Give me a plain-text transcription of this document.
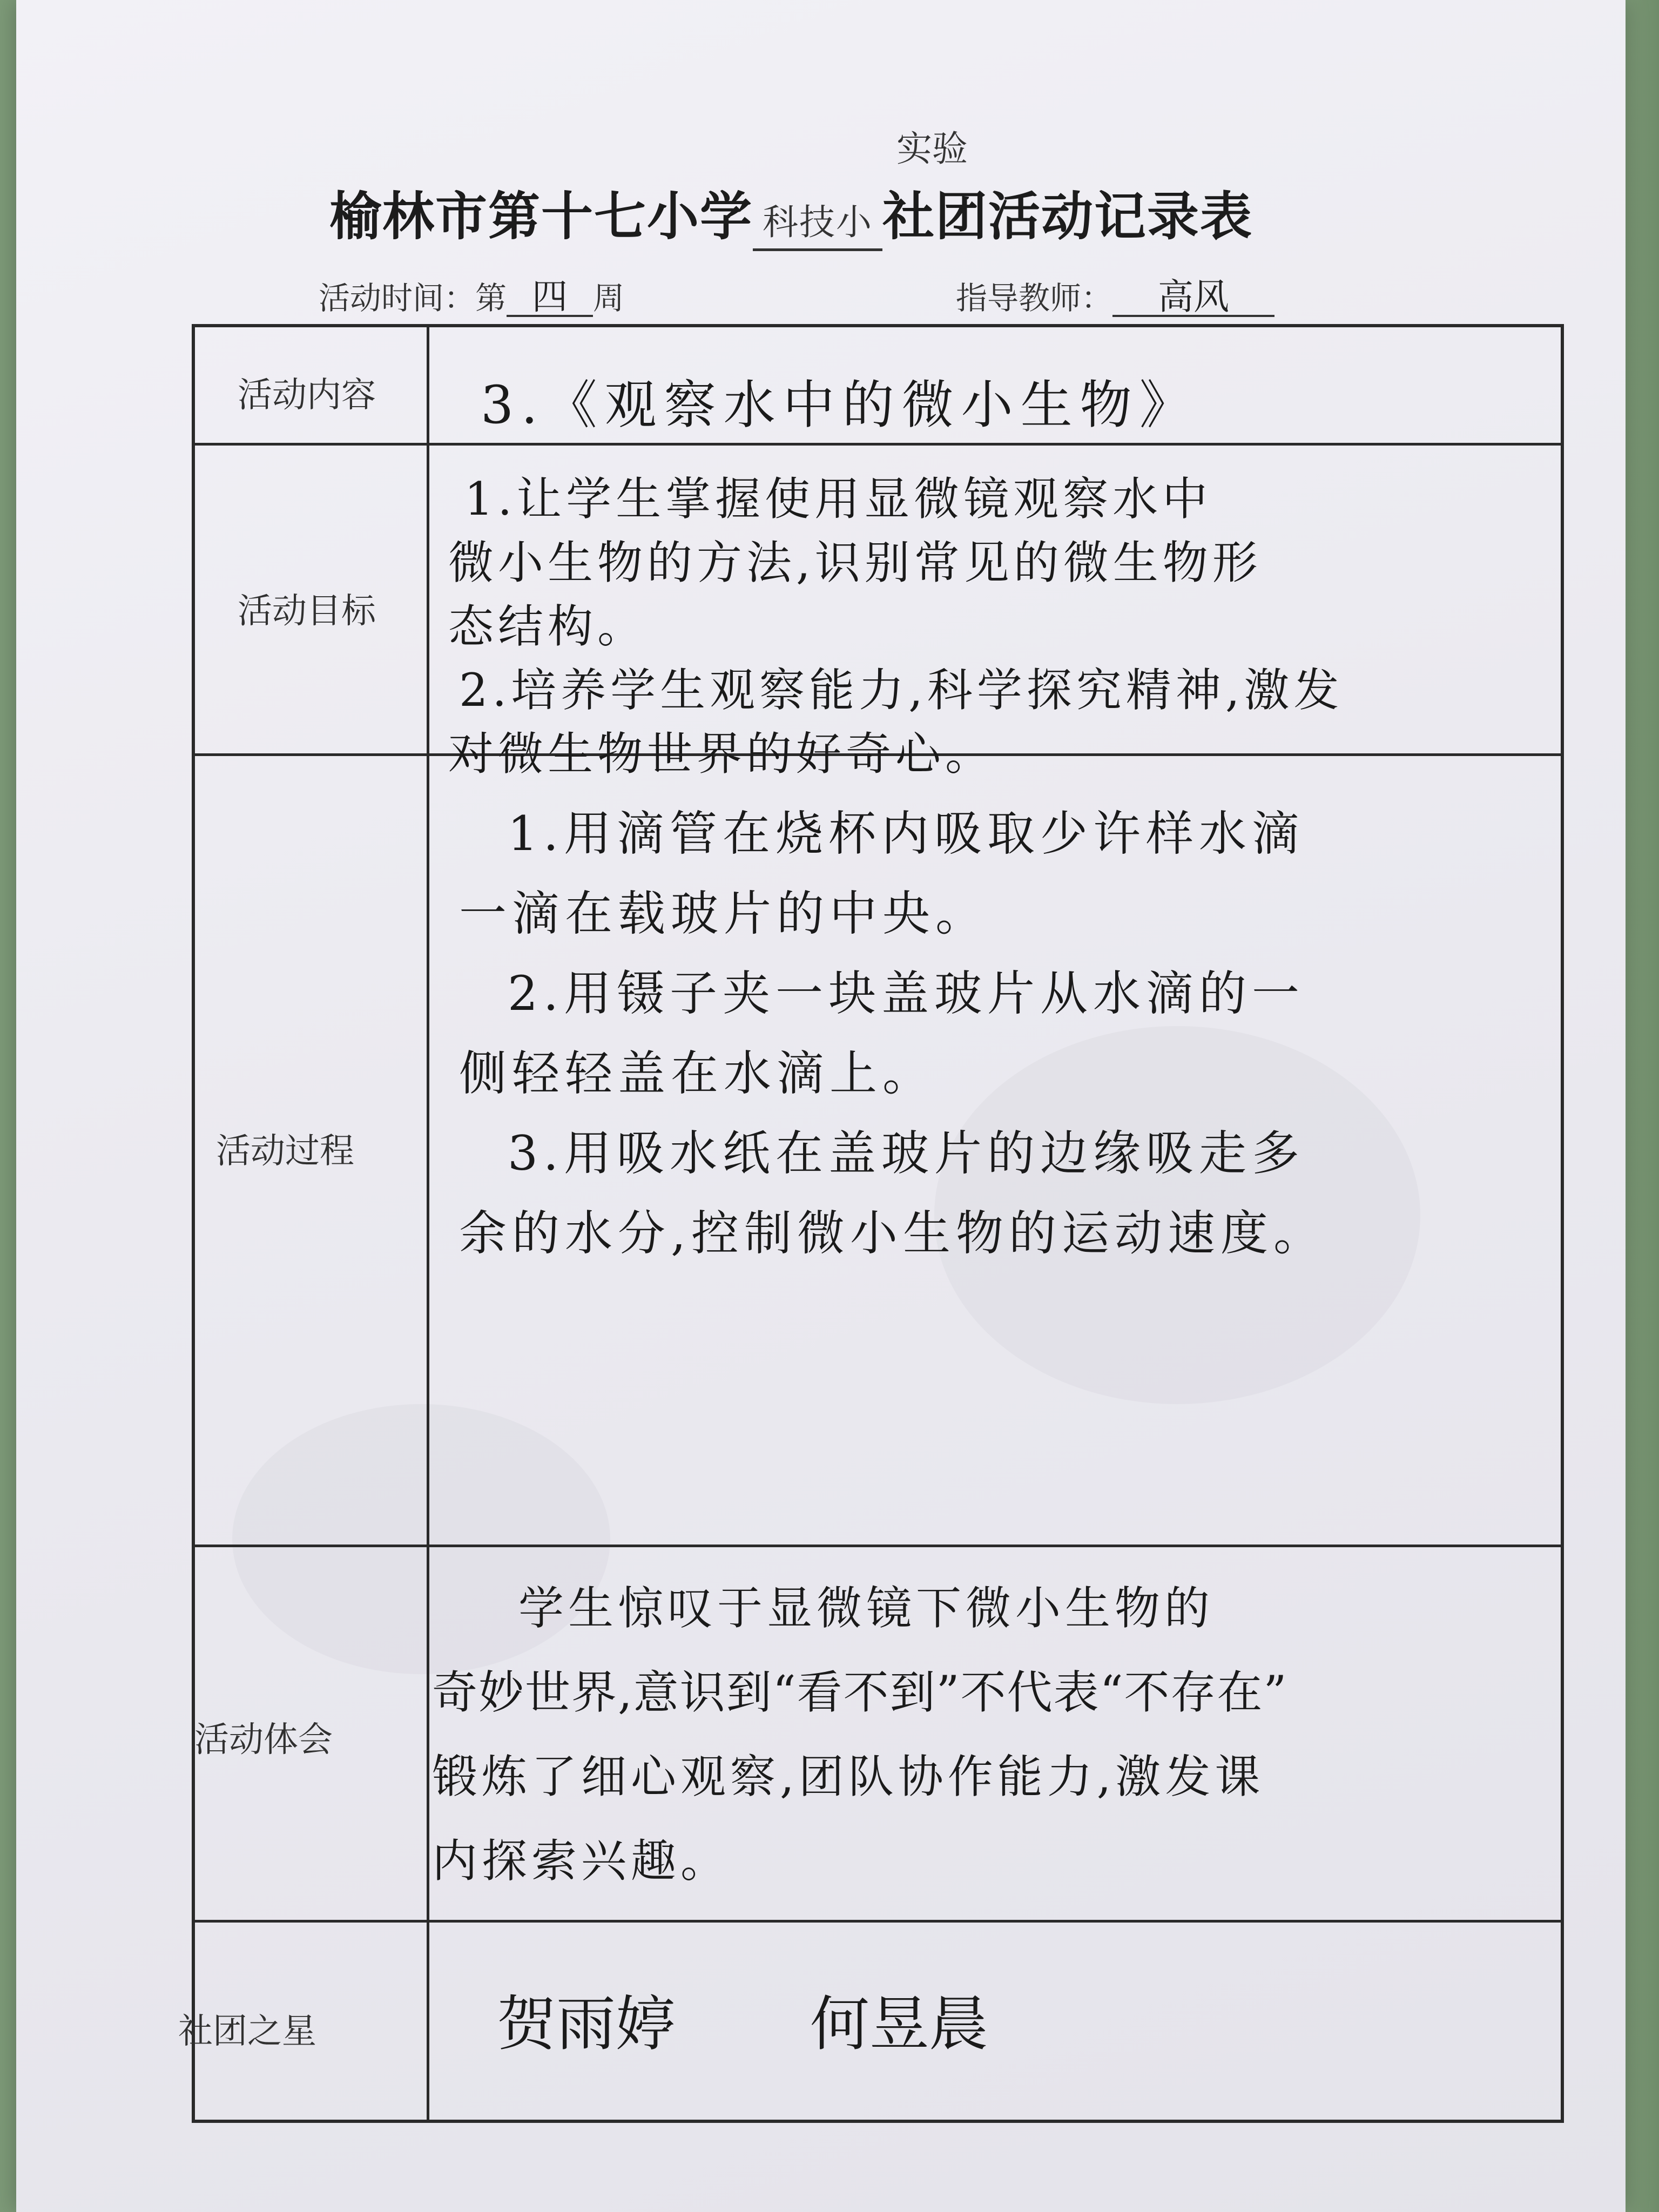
实验
榆林市第十七小学 科技小 社团活动记录表
活动时间：第 四 周	指导教师： 高风
活动内容
活动目标
活动过程
活动体会
社团之星
3.《观察水中的微小生物》

1.让学生掌握使用显微镜观察水中

微小生物的方法,识别常见的微生物形

态结构。

2.培养学生观察能力,科学探究精神,激发

对微生物世界的好奇心。

1.用滴管在烧杯内吸取少许样水滴

一滴在载玻片的中央。

2.用镊子夹一块盖玻片从水滴的一

侧轻轻盖在水滴上。

3.用吸水纸在盖玻片的边缘吸走多

余的水分,控制微小生物的运动速度。

学生惊叹于显微镜下微小生物的

奇妙世界,意识到“看不到”不代表“不存在”

锻炼了细心观察,团队协作能力,激发课

内探索兴趣。

贺雨婷 何昱晨
